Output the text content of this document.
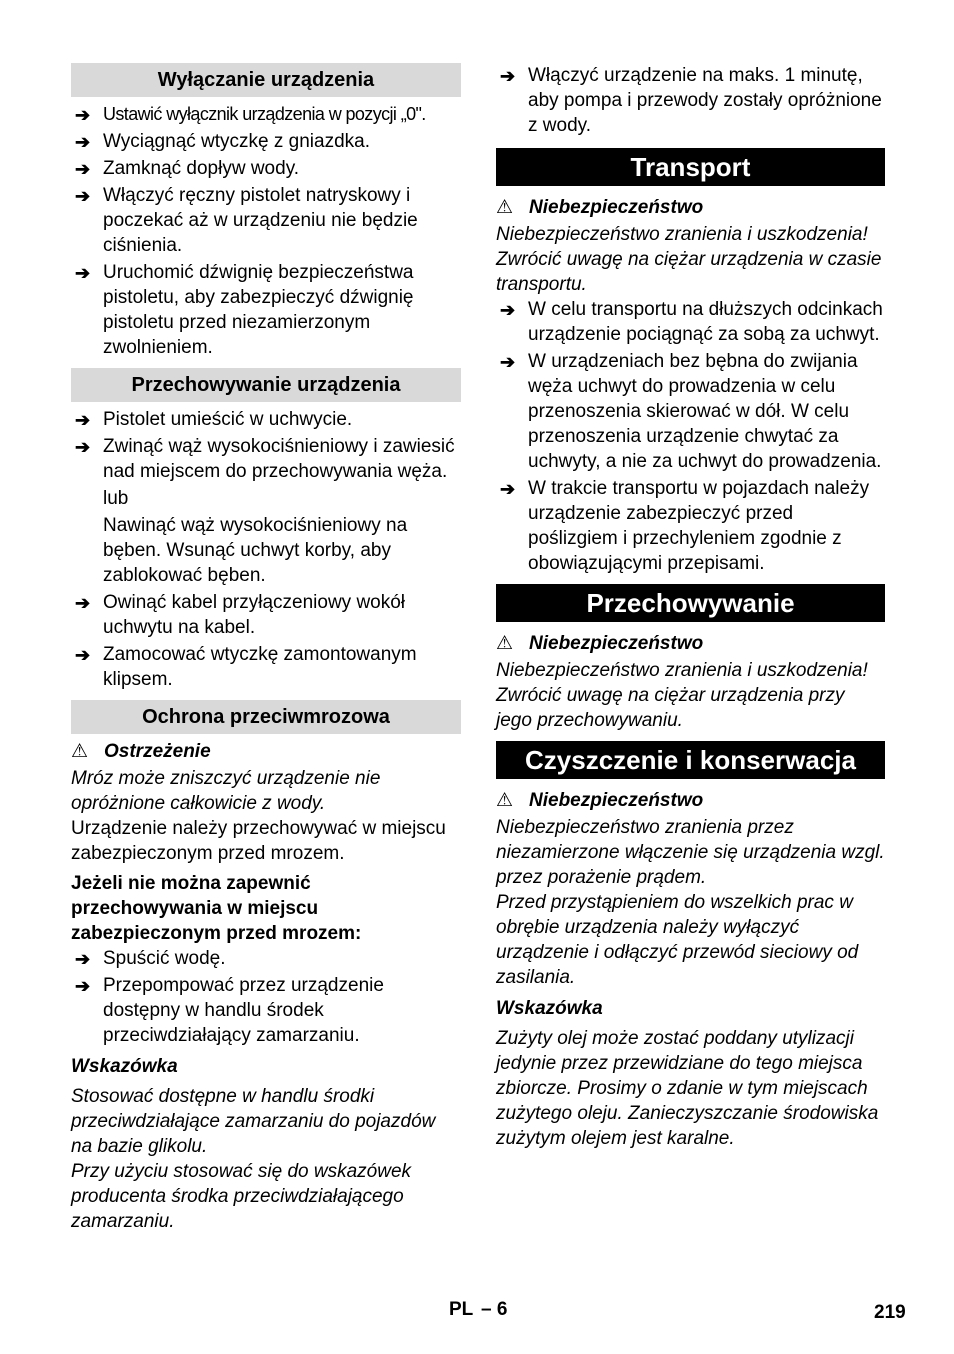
Wyłączanie urządzenia
➔ Ustawić wyłącznik urządzenia w pozycji „0".
➔ Wyciągnąć wtyczkę z gniazdka.
➔ Zamknąć dopływ wody.
➔ Włączyć ręczny pistolet natryskowy i poczekać aż w urządzeniu nie będzie ciśnienia.
➔ Uruchomić dźwignię bezpieczeństwa pistoletu, aby zabezpieczyć dźwignię pistoletu przed niezamierzonym zwolnieniem.
Przechowywanie urządzenia
➔ Pistolet umieścić w uchwycie.
➔ Zwinąć wąż wysokociśnieniowy i zawiesić nad miejscem do przechowywania węża.
lub
Nawinąć wąż wysokociśnieniowy na bęben. Wsunąć uchwyt korby, aby zablokować bęben.
➔ Owinąć kabel przyłączeniowy wokół uchwytu na kabel.
➔ Zamocować wtyczkę zamontowanym klipsem.
Ochrona przeciwmrozowa
⚠ Ostrzeżenie
Mróz może zniszczyć urządzenie nie opróżnione całkowicie z wody.
Urządzenie należy przechowywać w miejscu zabezpieczonym przed mrozem.
Jeżeli nie można zapewnić przechowywania w miejscu zabezpieczonym przed mrozem:
➔ Spuścić wodę.
➔ Przepompować przez urządzenie dostępny w handlu środek przeciwdziałający zamarzaniu.
Wskazówka
Stosować dostępne w handlu środki przeciwdziałające zamarzaniu do pojazdów na bazie glikolu.
Przy użyciu stosować się do wskazówek producenta środka przeciwdziałającego zamarzaniu.
➔ Włączyć urządzenie na maks. 1 minutę, aby pompa i przewody zostały opróżnione z wody.
Transport
⚠ Niebezpieczeństwo
Niebezpieczeństwo zranienia i uszkodzenia! Zwrócić uwagę na ciężar urządzenia w czasie transportu.
➔ W celu transportu na dłuższych odcinkach urządzenie pociągnąć za sobą za uchwyt.
➔ W urządzeniach bez bębna do zwijania węża uchwyt do prowadzenia w celu przenoszenia skierować w dół. W celu przenoszenia urządzenie chwytać za uchwyty, a nie za uchwyt do prowadzenia.
➔ W trakcie transportu w pojazdach należy urządzenie zabezpieczyć przed poślizgiem i przechyleniem zgodnie z obowiązującymi przepisami.
Przechowywanie
⚠ Niebezpieczeństwo
Niebezpieczeństwo zranienia i uszkodzenia! Zwrócić uwagę na ciężar urządzenia przy jego przechowywaniu.
Czyszczenie i konserwacja
⚠ Niebezpieczeństwo
Niebezpieczeństwo zranienia przez niezamierzone włączenie się urządzenia wzgl. przez porażenie prądem.
Przed przystąpieniem do wszelkich prac w obrębie urządzenia należy wyłączyć urządzenie i odłączyć przewód sieciowy od zasilania.
Wskazówka
Zużyty olej może zostać poddany utylizacji jedynie przez przewidziane do tego miejsca zbiorcze. Prosimy o zdanie w tym miejscach zużytego oleju. Zanieczyszczanie środowiska zużytym olejem jest karalne.
PL – 6	219
